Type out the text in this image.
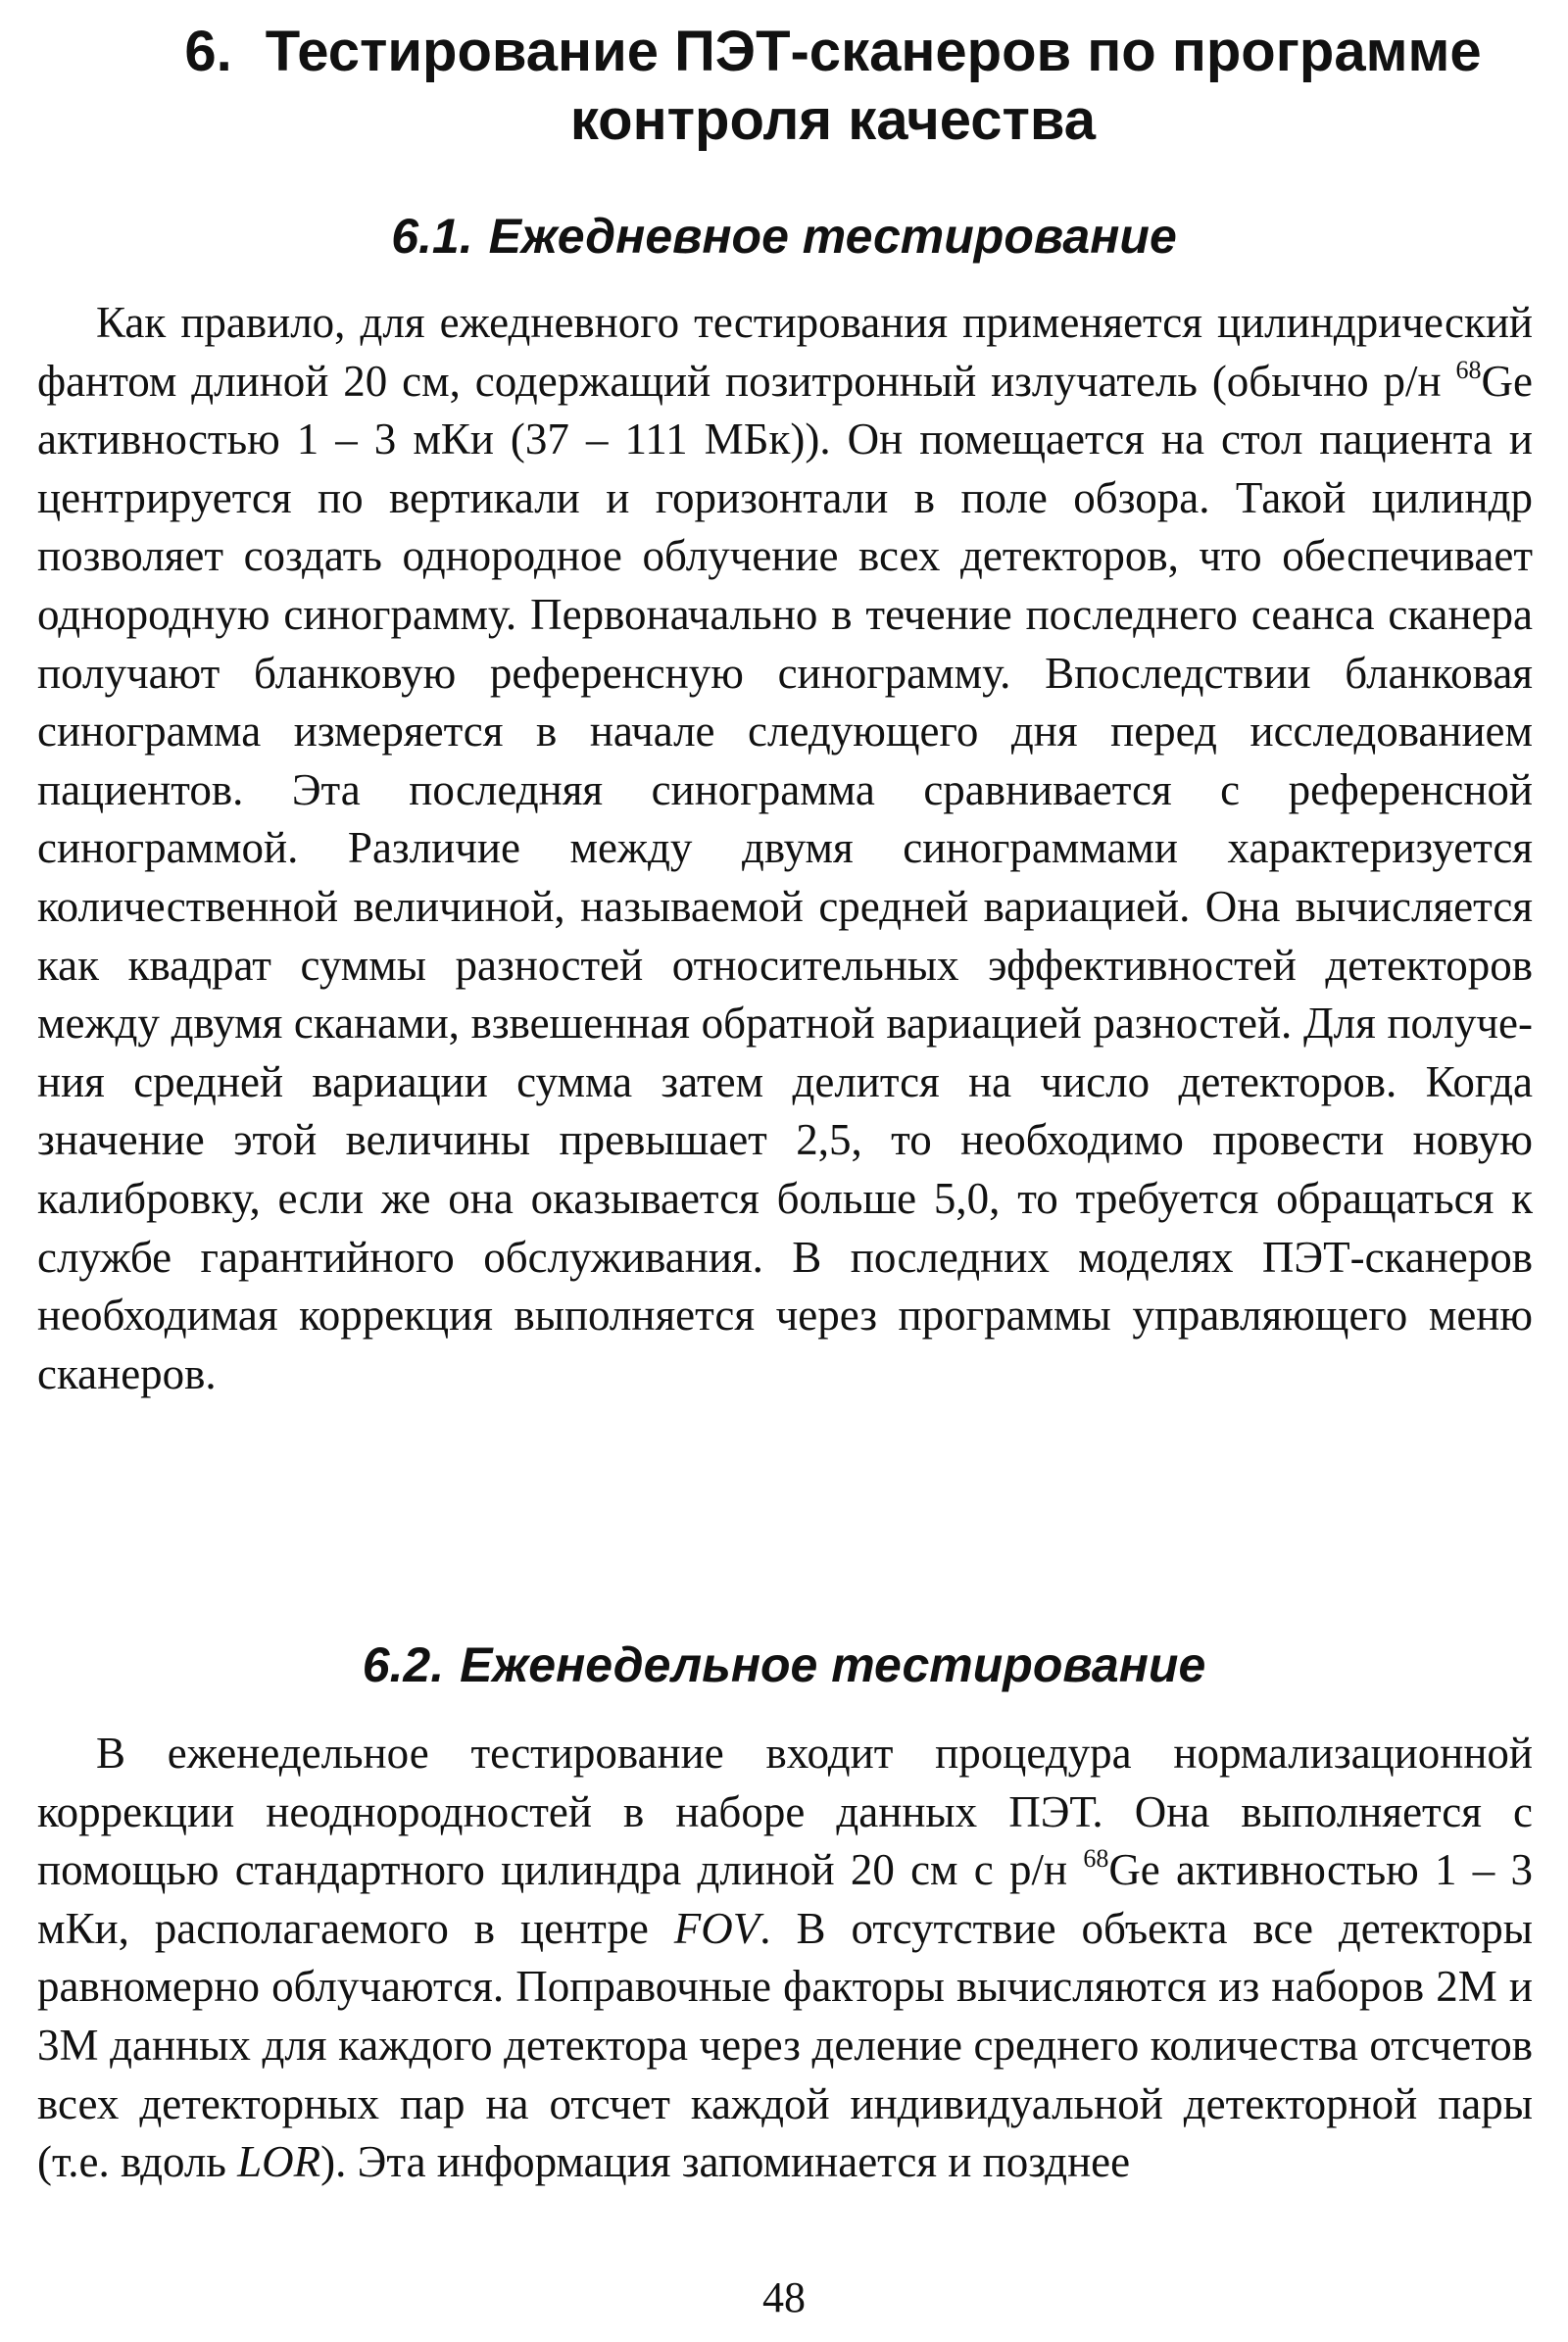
6. Тестирование ПЭТ-сканеров по программе контроля качества
6.1. Ежедневное тестирование

Как правило, для ежедневного тестирования применяется цилиндрический фантом длиной 20 см, содержащий позитронный излучатель (обычно р/н $^{68}$Ge активностью 1 – 3 мКи (37 – 111 МБк)). Он помещается на стол пациента и центрируется по вертикали и горизонтали в поле обзора. Такой цилиндр позволяет создать однородное облучение всех детекторов, что обеспечивает однородную синограмму. Первоначально в течение последнего сеанса сканера получают бланковую референсную синограмму. Впоследствии бланковая синограмма измеряется в начале следующего дня перед исследованием пациентов. Эта последняя синограмма сравнивается с референсной синограммой. Различие между двумя синограммами характеризуется количественной величиной, называемой средней вариацией. Она вычисляется как квадрат суммы разностей относительных эффективностей детекторов между двумя сканами, взвешенная обратной вариацией разностей. Для получения средней вариации сумма затем делится на число детекторов. Когда значение этой величины превышает 2,5, то необходимо провести новую калибровку, если же она оказывается больше 5,0, то требуется обращаться к службе гарантийного обслуживания. В последних моделях ПЭТ-сканеров необходимая коррекция выполняется через программы управляющего меню сканеров.

6.2. Еженедельное тестирование

В еженедельное тестирование входит процедура нормализационной коррекции неоднородностей в наборе данных ПЭТ. Она выполняется с помощью стандартного цилиндра длиной 20 см с р/н $^{68}$Ge активностью 1 – 3 мКи, располагаемого в центре FOV. В отсутствие объекта все детекторы равномерно облучаются. Поправочные факторы вычисляются из наборов 2М и 3М данных для каждого детектора через деление среднего количества отсчетов всех детекторных пар на отсчет каждой индивидуальной детекторной пары (т.е. вдоль LOR). Эта информация запоминается и позднее

48
